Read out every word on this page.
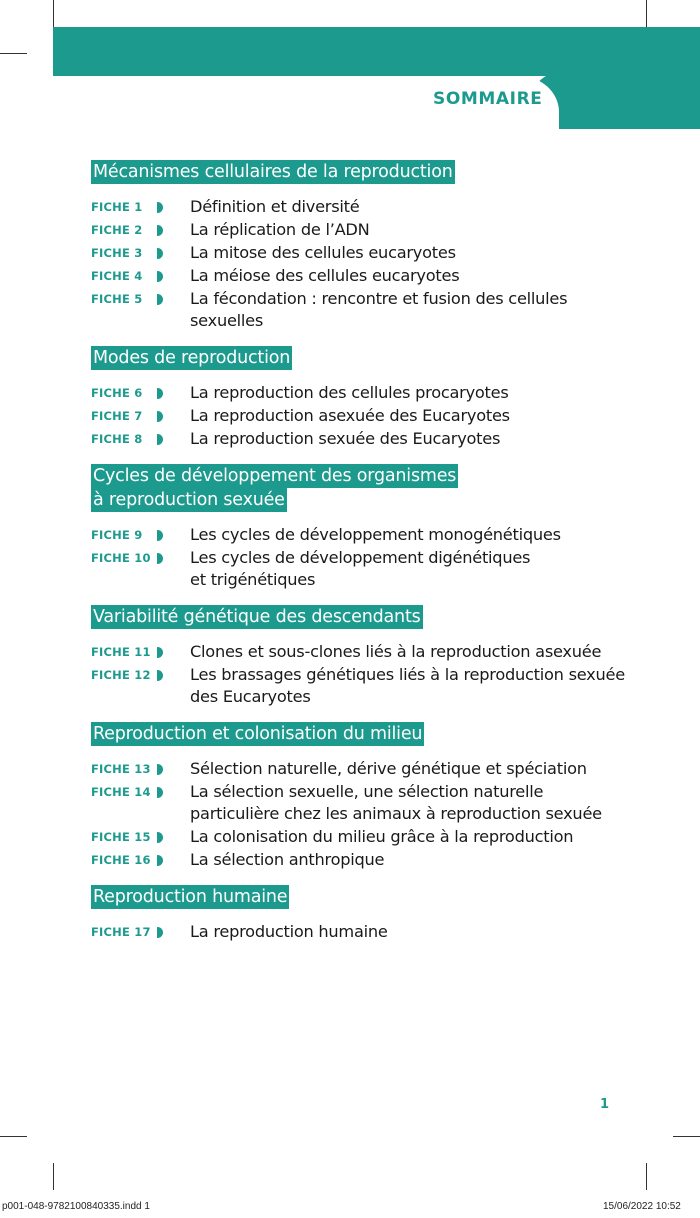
SOMMAIRE
Mécanismes cellulaires de la reproduction
FICHE 1	Définition et diversité
FICHE 2	La réplication de l’ADN
FICHE 3	La mitose des cellules eucaryotes
FICHE 4	La méiose des cellules eucaryotes
FICHE 5	La fécondation : rencontre et fusion des cellules
sexuelles
Modes de reproduction
FICHE 6	La reproduction des cellules procaryotes
FICHE 7	La reproduction asexuée des Eucaryotes
FICHE 8	La reproduction sexuée des Eucaryotes
Cycles de développement des organismes
à reproduction sexuée
FICHE 9	Les cycles de développement monogénétiques
FICHE 10 Les cycles de développement digénétiques
et trigénétiques
Variabilité génétique des descendants
FICHE 11 Clones et sous-clones liés à la reproduction asexuée
FICHE 12 Les brassages génétiques liés à la reproduction sexuée
des Eucaryotes
Reproduction et colonisation du milieu
FICHE 13 Sélection naturelle, dérive génétique et spéciation
FICHE 14 La sélection sexuelle, une sélection naturelle
particulière chez les animaux à reproduction sexuée
FICHE 15 La colonisation du milieu grâce à la reproduction
FICHE 16 La sélection anthropique
Reproduction humaine
FICHE 17 La reproduction humaine
1
p001-048-9782100840335.indd 1	15/06/2022 10:52
